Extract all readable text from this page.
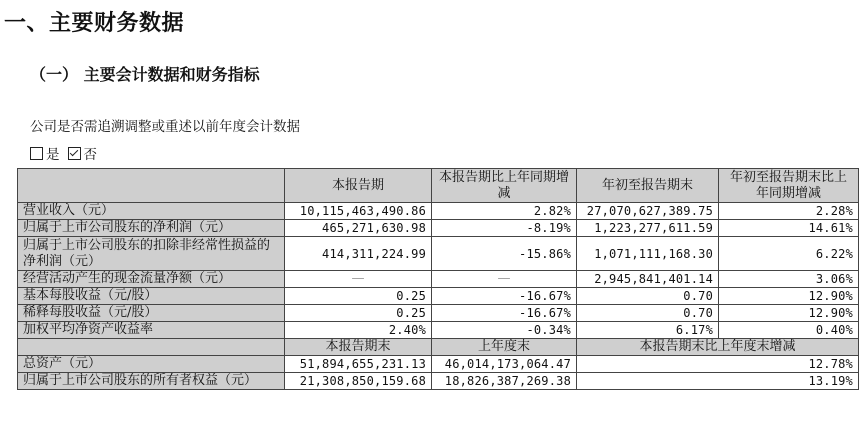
一、主要财务数据
（一） 主要会计数据和财务指标
公司是否需追溯调整或重述以前年度会计数据
是 否
	本报告期	本报告期比上年同期增减	年初至报告期末	年初至报告期末比上年同期增减
营业收入（元）	10,115,463,490.86	2.82%	27,070,627,389.75	2.28%
归属于上市公司股东的净利润（元）	465,271,630.98	-8.19%	1,223,277,611.59	14.61%
归属于上市公司股东的扣除非经常性损益的净利润（元）	414,311,224.99	-15.86%	1,071,111,168.30	6.22%
经营活动产生的现金流量净额（元）	—	—	2,945,841,401.14	3.06%
基本每股收益（元/股）	0.25	-16.67%	0.70	12.90%
稀释每股收益（元/股）	0.25	-16.67%	0.70	12.90%
加权平均净资产收益率	2.40%	-0.34%	6.17%	0.40%
	本报告期末	上年度末	本报告期末比上年度末增减	
总资产（元）	51,894,655,231.13	46,014,173,064.47	12.78%	
归属于上市公司股东的所有者权益（元）	21,308,850,159.68	18,826,387,269.38	13.19%	
